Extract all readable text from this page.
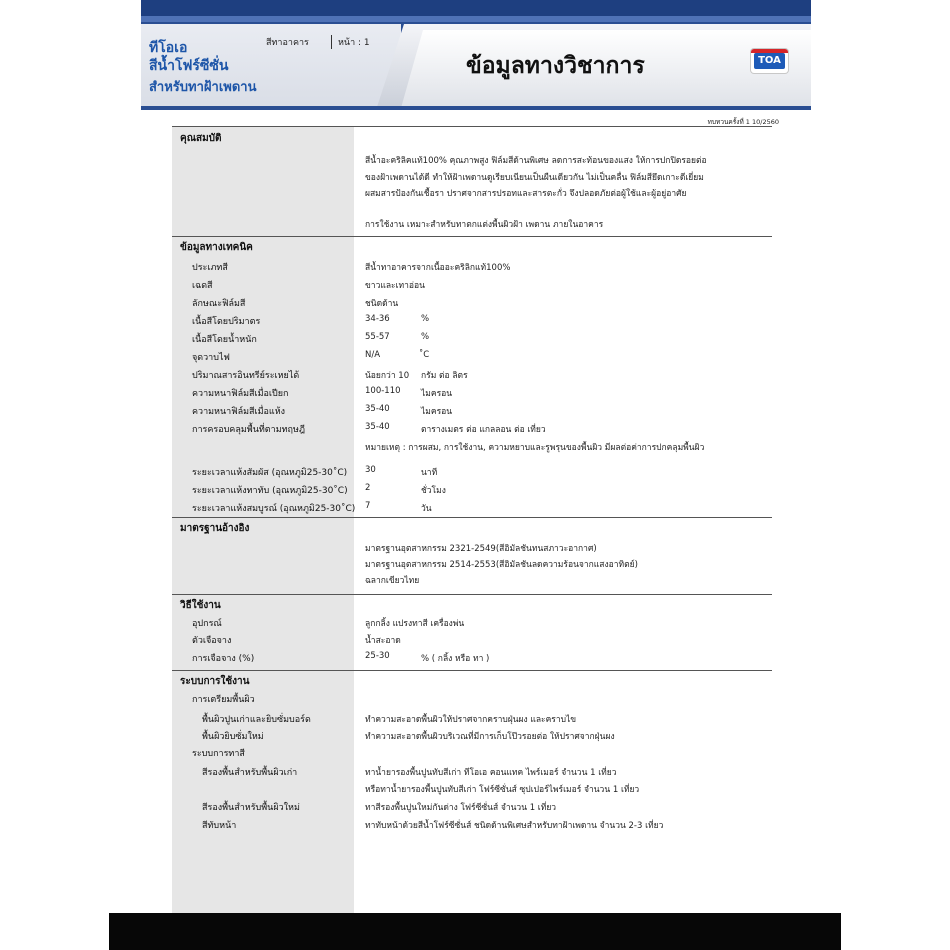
ทีโอเอ
สีน้ำโฟร์ซีซั่น
สำหรับทาฝ้าเพดาน
สีทาอาคาร	หน้า : 1
ข้อมูลทางวิชาการ	TOA
ทบทวนครั้งที่ 1 10/2560
คุณสมบัติ
สีน้ำอะคริลิคแท้100% คุณภาพสูง ฟิล์มสีด้านพิเศษ ลดการสะท้อนของแสง ให้การปกปิดรอยต่อ
ของฝ้าเพดานได้ดี ทำให้ฝ้าเพดานดูเรียบเนียนเป็นผืนเดียวกัน ไม่เป็นคลื่น ฟิล์มสียึดเกาะดีเยี่ยม
ผสมสารป้องกันเชื้อรา ปราศจากสารปรอทและสารตะกั่ว จึงปลอดภัยต่อผู้ใช้และผู้อยู่อาศัย
การใช้งาน เหมาะสำหรับทาตกแต่งพื้นผิวฝ้า เพดาน ภายในอาคาร
ข้อมูลทางเทคนิค
ประเภทสี	สีน้ำทาอาคารจากเนื้ออะคริลิกแท้100%
เฉดสี	ขาวและเทาอ่อน
ลักษณะฟิล์มสี	ชนิดด้าน
เนื้อสีโดยปริมาตร	34-36	%
เนื้อสีโดยน้ำหนัก	55-57	%
จุดวาบไฟ	N/A	˚C
ปริมาณสารอินทรีย์ระเหยได้	น้อยกว่า 10 กรัม ต่อ ลิตร
ความหนาฟิล์มสีเมื่อเปียก	100-110 ไมครอน
ความหนาฟิล์มสีเมื่อแห้ง	35-40	ไมครอน
การครอบคลุมพื้นที่ตามทฤษฎี	35-40	ตารางเมตร ต่อ แกลลอน ต่อ เที่ยว
หมายเหตุ : การผสม, การใช้งาน, ความหยาบและรูพรุนของพื้นผิว มีผลต่อค่าการปกคลุมพื้นผิว
ระยะเวลาแห้งสัมผัส (อุณหภูมิ25-30˚C) 30	นาที
ระยะเวลาแห้งทาทับ (อุณหภูมิ25-30˚C) 2	ชั่วโมง
ระยะเวลาแห้งสมบูรณ์ (อุณหภูมิ25-30˚C) 7	วัน
มาตรฐานอ้างอิง
มาตรฐานอุตสาหกรรม 2321-2549(สีอิมัลชันทนสภาวะอากาศ)
มาตรฐานอุตสาหกรรม 2514-2553(สีอิมัลชันลดความร้อนจากแสงอาทิตย์)
ฉลากเขียวไทย
วิธีใช้งาน
อุปกรณ์	ลูกกลิ้ง แปรงทาสี เครื่องพ่น
ตัวเจือจาง	น้ำสะอาด
การเจือจาง (%)	25-30	% ( กลิ้ง หรือ ทา )
ระบบการใช้งาน
การเตรียมพื้นผิว
พื้นผิวปูนเก่าและยิบซั่มบอร์ด	ทำความสะอาดพื้นผิวให้ปราศจากคราบฝุ่นผง และคราบไข
พื้นผิวยิบซั่มใหม่	ทำความสะอาดพื้นผิวบริเวณที่มีการเก็บโป๊วรอยต่อ ให้ปราศจากฝุ่นผง
ระบบการทาสี
สีรองพื้นสำหรับพื้นผิวเก่า	ทาน้ำยารองพื้นปูนทับสีเก่า ทีโอเอ คอนแทค ไพร์เมอร์ จำนวน 1 เที่ยว
หรือทาน้ำยารองพื้นปูนทับสีเก่า โฟร์ซีซั่นส์ ซุปเปอร์ไพร์เมอร์ จำนวน 1 เที่ยว
สีรองพื้นสำหรับพื้นผิวใหม่	ทาสีรองพื้นปูนใหม่กันด่าง โฟร์ซีซั่นส์ จำนวน 1 เที่ยว
สีทับหน้า	ทาทับหน้าด้วยสีน้ำโฟร์ซีซั่นส์ ชนิดด้านพิเศษสำหรับทาฝ้าเพดาน จำนวน 2-3 เที่ยว
